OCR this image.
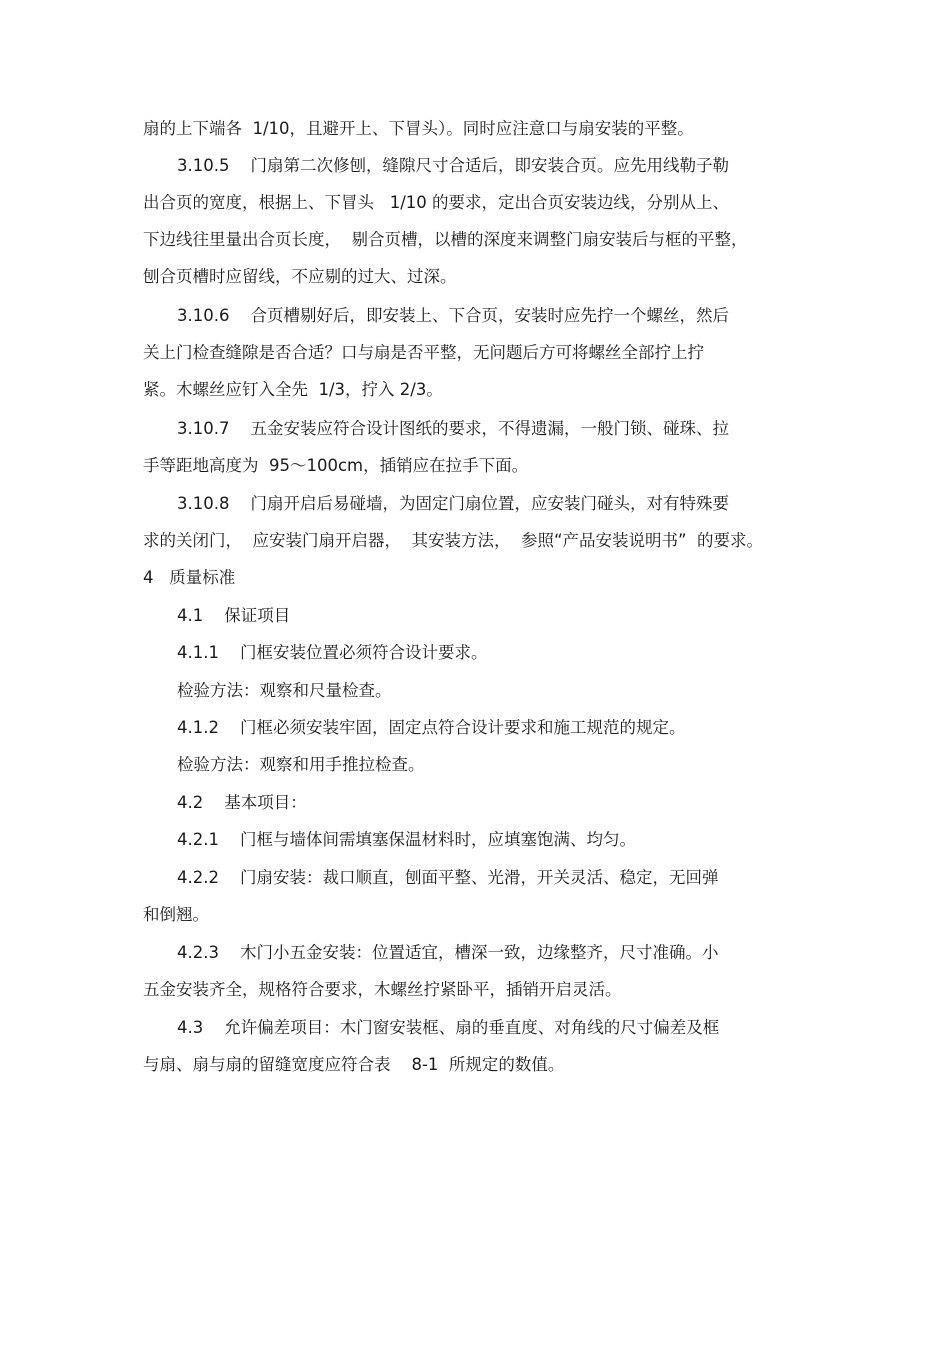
扇的上下端各  1/10，且避开上、下冒头）。同时应注意口与扇安装的平整。
3.10.5    门扇第二次修刨，缝隙尺寸合适后，即安装合页。应先用线勒子勒
出合页的宽度，根据上、下冒头   1/10 的要求，定出合页安装边线，分别从上、
下边线往里量出合页长度，  剔合页槽，以槽的深度来调整门扇安装后与框的平整，
刨合页槽时应留线，不应剔的过大、过深。
3.10.6    合页槽剔好后，即安装上、下合页，安装时应先拧一个螺丝，然后
关上门检查缝隙是否合适？口与扇是否平整，无问题后方可将螺丝全部拧上拧
紧。木螺丝应钉入全先  1/3，拧入 2/3。
3.10.7    五金安装应符合设计图纸的要求，不得遗漏，一般门锁、碰珠、拉
手等距地高度为  95～100cm，插销应在拉手下面。
3.10.8    门扇开启后易碰墙，为固定门扇位置，应安装门碰头，对有特殊要
求的关闭门，  应安装门扇开启器，  其安装方法，  参照“产品安装说明书”  的要求。
4   质量标准
4.1    保证项目
4.1.1    门框安装位置必须符合设计要求。
检验方法：观察和尺量检查。
4.1.2    门框必须安装牢固，固定点符合设计要求和施工规范的规定。
检验方法：观察和用手推拉检查。
4.2    基本项目：
4.2.1    门框与墙体间需填塞保温材料时，应填塞饱满、均匀。
4.2.2    门扇安装：裁口顺直，刨面平整、光滑，开关灵活、稳定，无回弹
和倒翘。
4.2.3    木门小五金安装：位置适宜，槽深一致，边缘整齐，尺寸准确。小
五金安装齐全，规格符合要求，木螺丝拧紧卧平，插销开启灵活。
4.3    允许偏差项目：木门窗安装框、扇的垂直度、对角线的尺寸偏差及框
与扇、扇与扇的留缝宽度应符合表    8-1  所规定的数值。
